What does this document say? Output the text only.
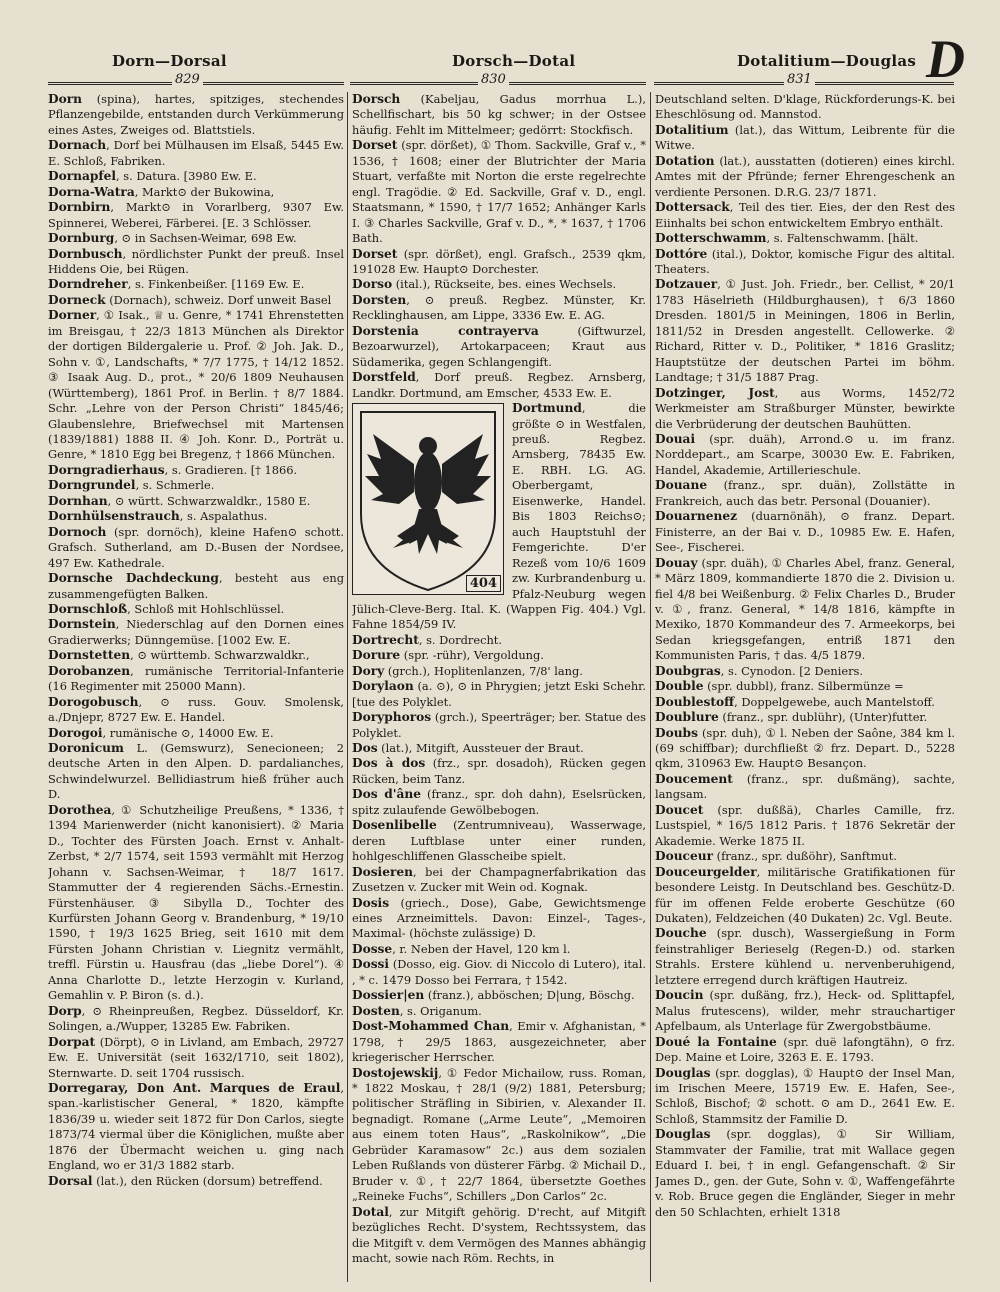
Dorn—Dorsal	Dorsch—Dotal	Dotalitium—Douglas D
829	830	831

Dorn (spina), hartes, spitziges, stechendes Pflanzengebilde, entstanden durch Verkümmerung eines Astes, Zweiges od. Blattstiels.

Dornach, Dorf bei Mülhausen im Elsaß, 5445 Ew. E. Schloß, Fabriken.

Dornapfel, s. Datura. [3980 Ew. E.

Dorna-Watra, Markt⊙ der Bukowina,

Dornbirn, Markt⊙ in Vorarlberg, 9307 Ew. Spinnerei, Weberei, Färberei. [E. 3 Schlösser.

Dornburg, ⊙ in Sachsen-Weimar, 698 Ew.

Dornbusch, nördlichster Punkt der preuß. Insel Hiddens Oie, bei Rügen.

Dorndreher, s. Finkenbeißer. [1169 Ew. E.

Dorneck (Dornach), schweiz. Dorf unweit Basel

Dorner, ① Isak., ♕ u. Genre, * 1741 Ehrenstetten im Breisgau, † 22/3 1813 München als Direktor der dortigen Bildergalerie u. Prof. ② Joh. Jak. D., Sohn v. ①, Landschafts, * 7/7 1775, † 14/12 1852. ③ Isaak Aug. D., prot., * 20/6 1809 Neuhausen (Württemberg), 1861 Prof. in Berlin. † 8/7 1884. Schr. „Lehre von der Person Christi“ 1845/46; Glaubenslehre, Briefwechsel mit Martensen (1839/1881) 1888 II. ④ Joh. Konr. D., Porträt u. Genre, * 1810 Egg bei Bregenz, † 1866 München.

Dorngradierhaus, s. Gradieren. [† 1866.

Dorngrundel, s. Schmerle.

Dornhan, ⊙ württ. Schwarzwaldkr., 1580 E.

Dornhülsenstrauch, s. Aspalathus.

Dornoch (spr. dornöch), kleine Hafen⊙ schott. Grafsch. Sutherland, am D.-Busen der Nordsee, 497 Ew. Kathedrale.

Dornsche Dachdeckung, besteht aus eng zusammengefügten Balken.

Dornschloß, Schloß mit Hohlschlüssel.

Dornstein, Niederschlag auf den Dornen eines Gradierwerks; Dünngemüse. [1002 Ew. E.

Dornstetten, ⊙ württemb. Schwarzwaldkr.,

Dorobanzen, rumänische Territorial-Infanterie (16 Regimenter mit 25000 Mann).

Dorogobusch, ⊙ russ. Gouv. Smolensk, a./Dnjepr, 8727 Ew. E. Handel.

Dorogoi, rumänische ⊙, 14000 Ew. E.

Doronicum L. (Gemswurz), Senecioneen; 2 deutsche Arten in den Alpen. D. pardalianches, Schwindelwurzel. Bellidiastrum hieß früher auch D.

Dorothea, ① Schutzheilige Preußens, * 1336, † 1394 Marienwerder (nicht kanonisiert). ② Maria D., Tochter des Fürsten Joach. Ernst v. Anhalt-Zerbst, * 2/7 1574, seit 1593 vermählt mit Herzog Johann v. Sachsen-Weimar, † 18/7 1617. Stammutter der 4 regierenden Sächs.-Ernestin. Fürstenhäuser. ③ Sibylla D., Tochter des Kurfürsten Johann Georg v. Brandenburg, * 19/10 1590, † 19/3 1625 Brieg, seit 1610 mit dem Fürsten Johann Christian v. Liegnitz vermählt, treffl. Fürstin u. Hausfrau (das „liebe Dorel“). ④ Anna Charlotte D., letzte Herzogin v. Kurland, Gemahlin v. P. Biron (s. d.).

Dorp, ⊙ Rheinpreußen, Regbez. Düsseldorf, Kr. Solingen, a./Wupper, 13285 Ew. Fabriken.

Dorpat (Dörpt), ⊙ in Livland, am Embach, 29727 Ew. E. Universität (seit 1632/1710, seit 1802), Sternwarte. D. seit 1704 russisch.

Dorregaray, Don Ant. Marques de Eraul, span.-karlistischer General, * 1820, kämpfte 1836/39 u. wieder seit 1872 für Don Carlos, siegte 1873/74 viermal über die Königlichen, mußte aber 1876 der Übermacht weichen u. ging nach England, wo er 31/3 1882 starb.

Dorsal (lat.), den Rücken (dorsum) betreffend.

Dorsch (Kabeljau, Gadus morrhua L.), Schellfischart, bis 50 kg schwer; in der Ostsee häufig. Fehlt im Mittelmeer; gedörrt: Stockfisch.

Dorset (spr. dörßet), ① Thom. Sackville, Graf v., * 1536, † 1608; einer der Blutrichter der Maria Stuart, verfaßte mit Norton die erste regelrechte engl. Tragödie. ② Ed. Sackville, Graf v. D., engl. Staatsmann, * 1590, † 17/7 1652; Anhänger Karls I. ③ Charles Sackville, Graf v. D., *, * 1637, † 1706 Bath.

Dorset (spr. dörßet), engl. Grafsch., 2539 qkm, 191028 Ew. Haupt⊙ Dorchester.

Dorso (ital.), Rückseite, bes. eines Wechsels.

Dorsten, ⊙ preuß. Regbez. Münster, Kr. Recklinghausen, am Lippe, 3336 Ew. E. AG.

Dorstenia contrayerva (Giftwurzel, Bezoarwurzel), Artokarpaceen; Kraut aus Südamerika, gegen Schlangengift.

Dorstfeld, Dorf preuß. Regbez. Arnsberg, Landkr. Dortmund, am Emscher, 4533 Ew. E.

404
Dortmund, die größte ⊙ in Westfalen, preuß. Regbez. Arnsberg, 78435 Ew. E. RBH. LG. AG. Oberbergamt, Eisenwerke, Handel. Bis 1803 Reichs⊙; auch Hauptstuhl der Femgerichte. D'er Rezeß vom 10/6 1609 zw. Kurbrandenburg u. Pfalz-Neuburg wegen Jülich-Cleve-Berg. Ital. K. (Wappen Fig. 404.) Vgl. Fahne 1854/59 IV.

Dortrecht, s. Dordrecht.

Dorure (spr. -rühr), Vergoldung.

Dory (grch.), Hoplitenlanzen, 7/8' lang.

Dorylaon (a. ⊙), ⊙ in Phrygien; jetzt Eski Schehr. [tue des Polyklet.

Doryphoros (grch.), Speerträger; ber. Statue des Polyklet.

Dos (lat.), Mitgift, Aussteuer der Braut.

Dos à dos (frz., spr. dosadoh), Rücken gegen Rücken, beim Tanz.

Dos d'âne (franz., spr. doh dahn), Eselsrücken, spitz zulaufende Gewölbebogen.

Dosenlibelle (Zentrumniveau), Wasserwage, deren Luftblase unter einer runden, hohlgeschliffenen Glasscheibe spielt.

Dosieren, bei der Champagnerfabrikation das Zusetzen v. Zucker mit Wein od. Kognak.

Dosis (griech., Dose), Gabe, Gewichtsmenge eines Arzneimittels. Davon: Einzel-, Tages-, Maximal- (höchste zulässige) D.

Dosse, r. Neben der Havel, 120 km l.

Dossi (Dosso, eig. Giov. di Niccolo di Lutero), ital. , * c. 1479 Dosso bei Ferrara, † 1542.

Dossier|en (franz.), abböschen; D|ung, Böschg.

Dosten, s. Origanum.

Dost-Mohammed Chan, Emir v. Afghanistan, * 1798, † 29/5 1863, ausgezeichneter, aber kriegerischer Herrscher.

Dostojewskij, ① Fedor Michailow, russ. Roman, * 1822 Moskau, † 28/1 (9/2) 1881, Petersburg; politischer Sträfling in Sibirien, v. Alexander II. begnadigt. Romane („Arme Leute“, „Memoiren aus einem toten Haus“, „Raskolnikow“, „Die Gebrüder Karamasow“ 2c.) aus dem sozialen Leben Rußlands von düsterer Färbg. ② Michail D., Bruder v. ①, † 22/7 1864, übersetzte Goethes „Reineke Fuchs“, Schillers „Don Carlos“ 2c.

Dotal, zur Mitgift gehörig. D'recht, auf Mitgift bezügliches Recht. D'system, Rechtssystem, das die Mitgift v. dem Vermögen des Mannes abhängig macht, sowie nach Röm. Rechts, in

Deutschland selten. D'klage, Rückforderungs-K. bei Eheschlösung od. Mannstod.

Dotalitium (lat.), das Wittum, Leibrente für die Witwe.

Dotation (lat.), ausstatten (dotieren) eines kirchl. Amtes mit der Pfründe; ferner Ehrengeschenk an verdiente Personen. D.R.G. 23/7 1871.

Dottersack, Teil des tier. Eies, der den Rest des Eiinhalts bei schon entwickeltem Embryo enthält.

Dotterschwamm, s. Faltenschwamm. [hält.

Dottóre (ital.), Doktor, komische Figur des altital. Theaters.

Dotzauer, ① Just. Joh. Friedr., ber. Cellist, * 20/1 1783 Häselrieth (Hildburghausen), † 6/3 1860 Dresden. 1801/5 in Meiningen, 1806 in Berlin, 1811/52 in Dresden angestellt. Cellowerke. ② Richard, Ritter v. D., Politiker, * 1816 Graslitz; Hauptstütze der deutschen Partei im böhm. Landtage; † 31/5 1887 Prag.

Dotzinger, Jost, aus Worms, 1452/72 Werkmeister am Straßburger Münster, bewirkte die Verbrüderung der deutschen Bauhütten.

Douai (spr. duäh), Arrond.⊙ u. im franz. Norddepart., am Scarpe, 30030 Ew. E. Fabriken, Handel, Akademie, Artillerieschule.

Douane (franz., spr. duän), Zollstätte in Frankreich, auch das betr. Personal (Douanier).

Douarnenez (duarnönäh), ⊙ franz. Depart. Finisterre, an der Bai v. D., 10985 Ew. E. Hafen, See-, Fischerei.

Douay (spr. duäh), ① Charles Abel, franz. General, * März 1809, kommandierte 1870 die 2. Division u. fiel 4/8 bei Weißenburg. ② Felix Charles D., Bruder v. ①, franz. General, * 14/8 1816, kämpfte in Mexiko, 1870 Kommandeur des 7. Armeekorps, bei Sedan kriegsgefangen, entriß 1871 den Kommunisten Paris, † das. 4/5 1879.

Doubgras, s. Cynodon. [2 Deniers.

Double (spr. dubbl), franz. Silbermünze =

Doublestoff, Doppelgewebe, auch Mantelstoff.

Doublure (franz., spr. dublühr), (Unter)futter.

Doubs (spr. duh), ① l. Neben der Saône, 384 km l. (69 schiffbar); durchfließt ② frz. Depart. D., 5228 qkm, 310963 Ew. Haupt⊙ Besançon.

Doucement (franz., spr. dußmäng), sachte, langsam.

Doucet (spr. dußßä), Charles Camille, frz. Lustspiel, * 16/5 1812 Paris. † 1876 Sekretär der Akademie. Werke 1875 II.

Douceur (franz., spr. dußöhr), Sanftmut.

Douceurgelder, militärische Gratifikationen für besondere Leistg. In Deutschland bes. Geschütz-D. für im offenen Felde eroberte Geschütze (60 Dukaten), Feldzeichen (40 Dukaten) 2c. Vgl. Beute.

Douche (spr. dusch), Wassergießung in Form feinstrahliger Berieselg (Regen-D.) od. starken Strahls. Erstere kühlend u. nervenberuhigend, letztere erregend durch kräftigen Hautreiz.

Doucin (spr. dußäng, frz.), Heck- od. Splittapfel, Malus frutescens), wilder, mehr strauchartiger Apfelbaum, als Unterlage für Zwergobstbäume.

Doué la Fontaine (spr. duë lafongtähn), ⊙ frz. Dep. Maine et Loire, 3263 E. E. 1793.

Douglas (spr. dogglas), ① Haupt⊙ der Insel Man, im Irischen Meere, 15719 Ew. E. Hafen, See-, Schloß, Bischof; ② schott. ⊙ am D., 2641 Ew. E. Schloß, Stammsitz der Familie D.

Douglas (spr. dogglas), ① Sir William, Stammvater der Familie, trat mit Wallace gegen Eduard I. bei, † in engl. Gefangenschaft. ② Sir James D., gen. der Gute, Sohn v. ①, Waffengefährte v. Rob. Bruce gegen die Engländer, Sieger in mehr den 50 Schlachten, erhielt 1318
